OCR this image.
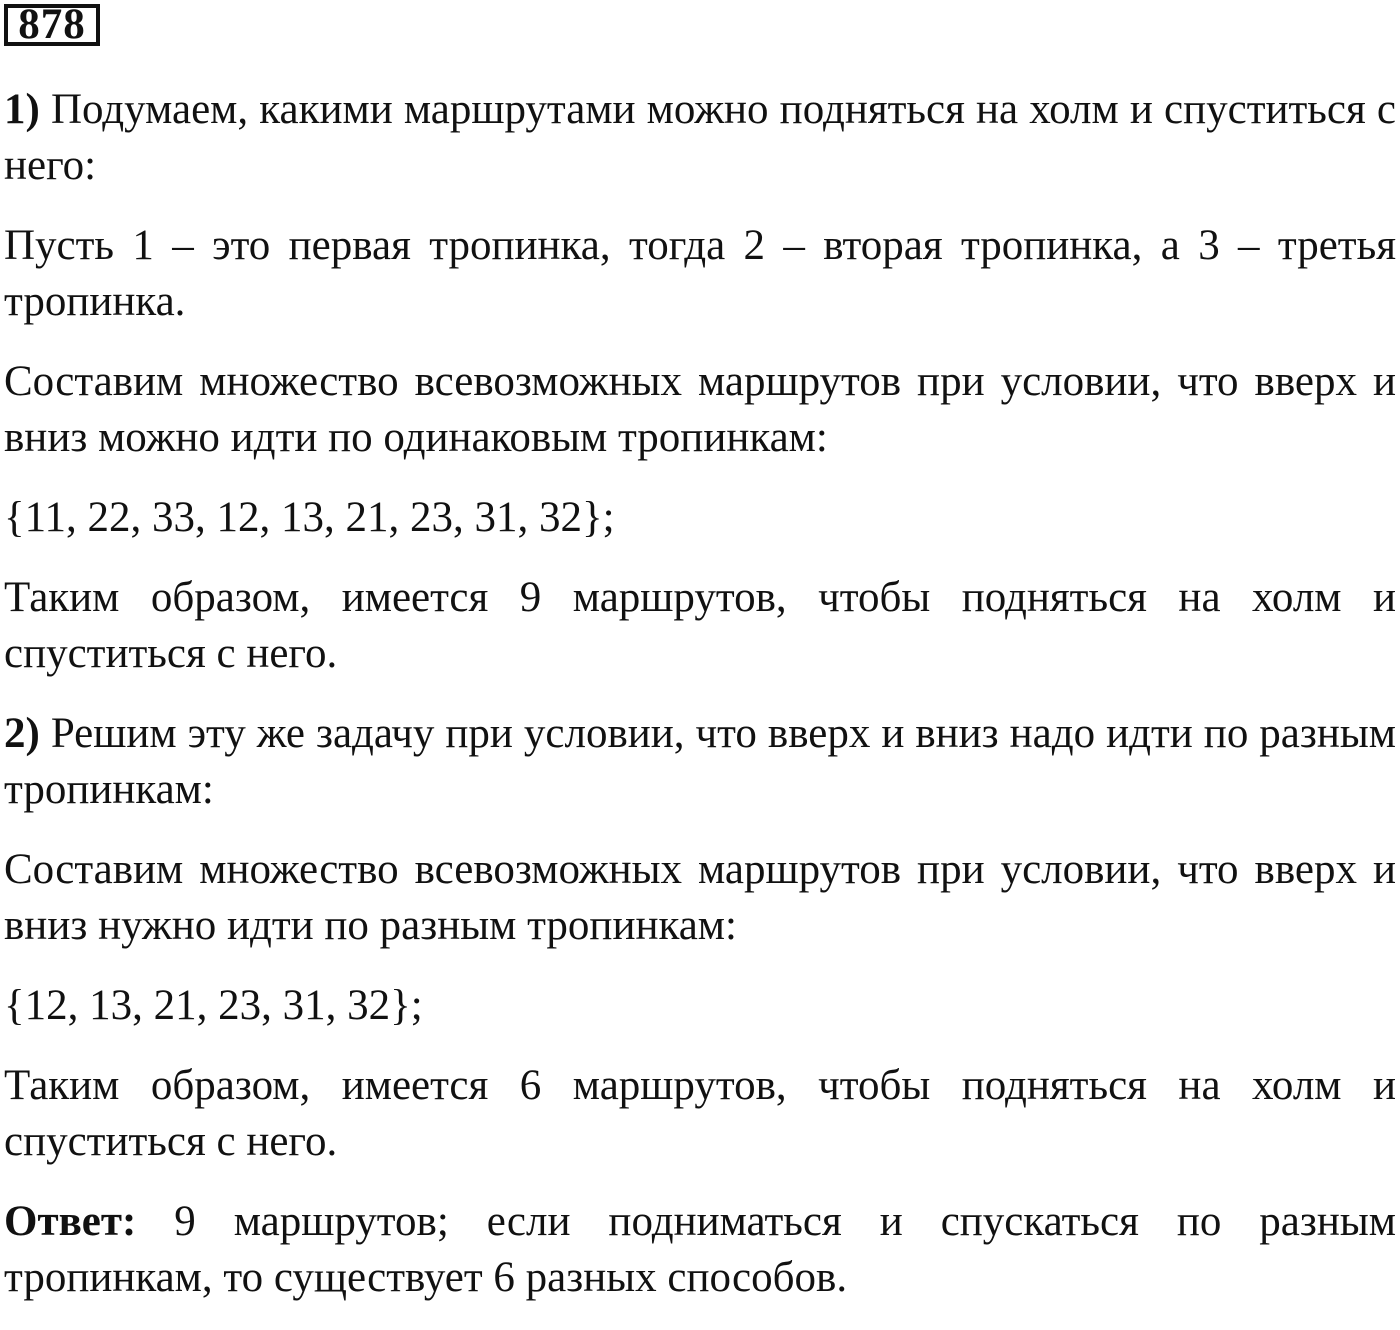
878

1) Подумаем, какими маршрутами можно подняться на холм и спуститься с него:

Пусть 1 – это первая тропинка, тогда 2 – вторая тропинка, а 3 – третья тропинка.

Составим множество всевозможных маршрутов при условии, что вверх и вниз можно идти по одинаковым тропинкам:

{11, 22, 33, 12, 13, 21, 23, 31, 32};

Таким образом, имеется 9 маршрутов, чтобы подняться на холм и спуститься с него.

2) Решим эту же задачу при условии, что вверх и вниз надо идти по разным тропинкам:

Составим множество всевозможных маршрутов при условии, что вверх и вниз нужно идти по разным тропинкам:

{12, 13, 21, 23, 31, 32};

Таким образом, имеется 6 маршрутов, чтобы подняться на холм и спуститься с него.

Ответ: 9 маршрутов; если подниматься и спускаться по разным тропинкам, то существует 6 разных способов.
